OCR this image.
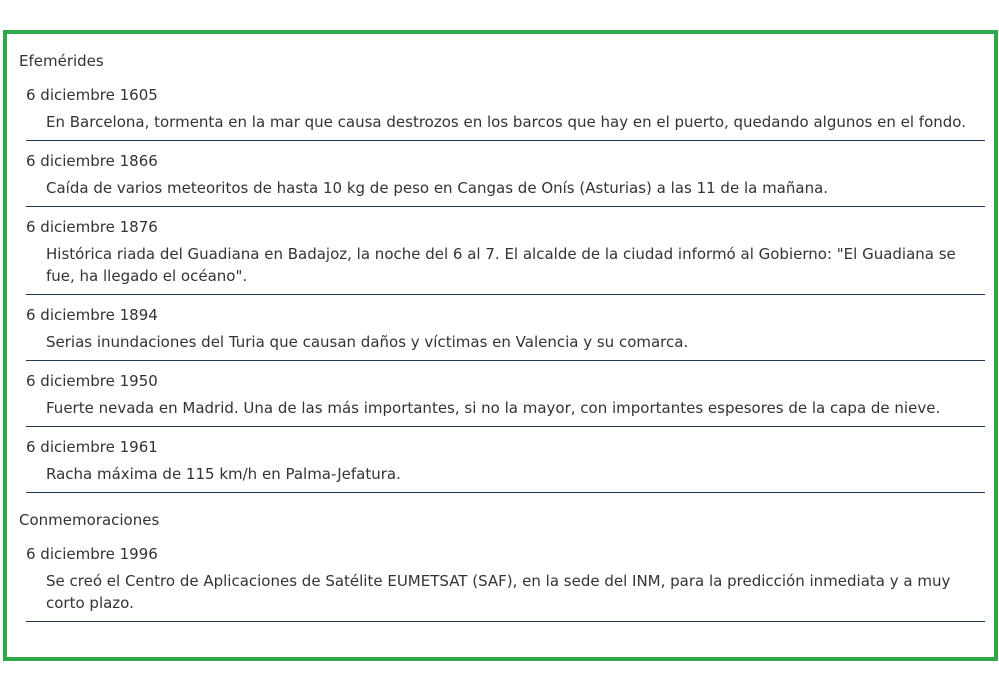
Efemérides
6 diciembre 1605
En Barcelona, tormenta en la mar que causa destrozos en los barcos que hay en el puerto, quedando algunos en el fondo.
6 diciembre 1866
Caída de varios meteoritos de hasta 10 kg de peso en Cangas de Onís (Asturias) a las 11 de la mañana.
6 diciembre 1876
Histórica riada del Guadiana en Badajoz, la noche del 6 al 7. El alcalde de la ciudad informó al Gobierno: "El Guadiana se fue, ha llegado el océano".
6 diciembre 1894
Serias inundaciones del Turia que causan daños y víctimas en Valencia y su comarca.
6 diciembre 1950
Fuerte nevada en Madrid. Una de las más importantes, si no la mayor, con importantes espesores de la capa de nieve.
6 diciembre 1961
Racha máxima de 115 km/h en Palma-Jefatura.
Conmemoraciones
6 diciembre 1996
Se creó el Centro de Aplicaciones de Satélite EUMETSAT (SAF), en la sede del INM, para la predicción inmediata y a muy corto plazo.
